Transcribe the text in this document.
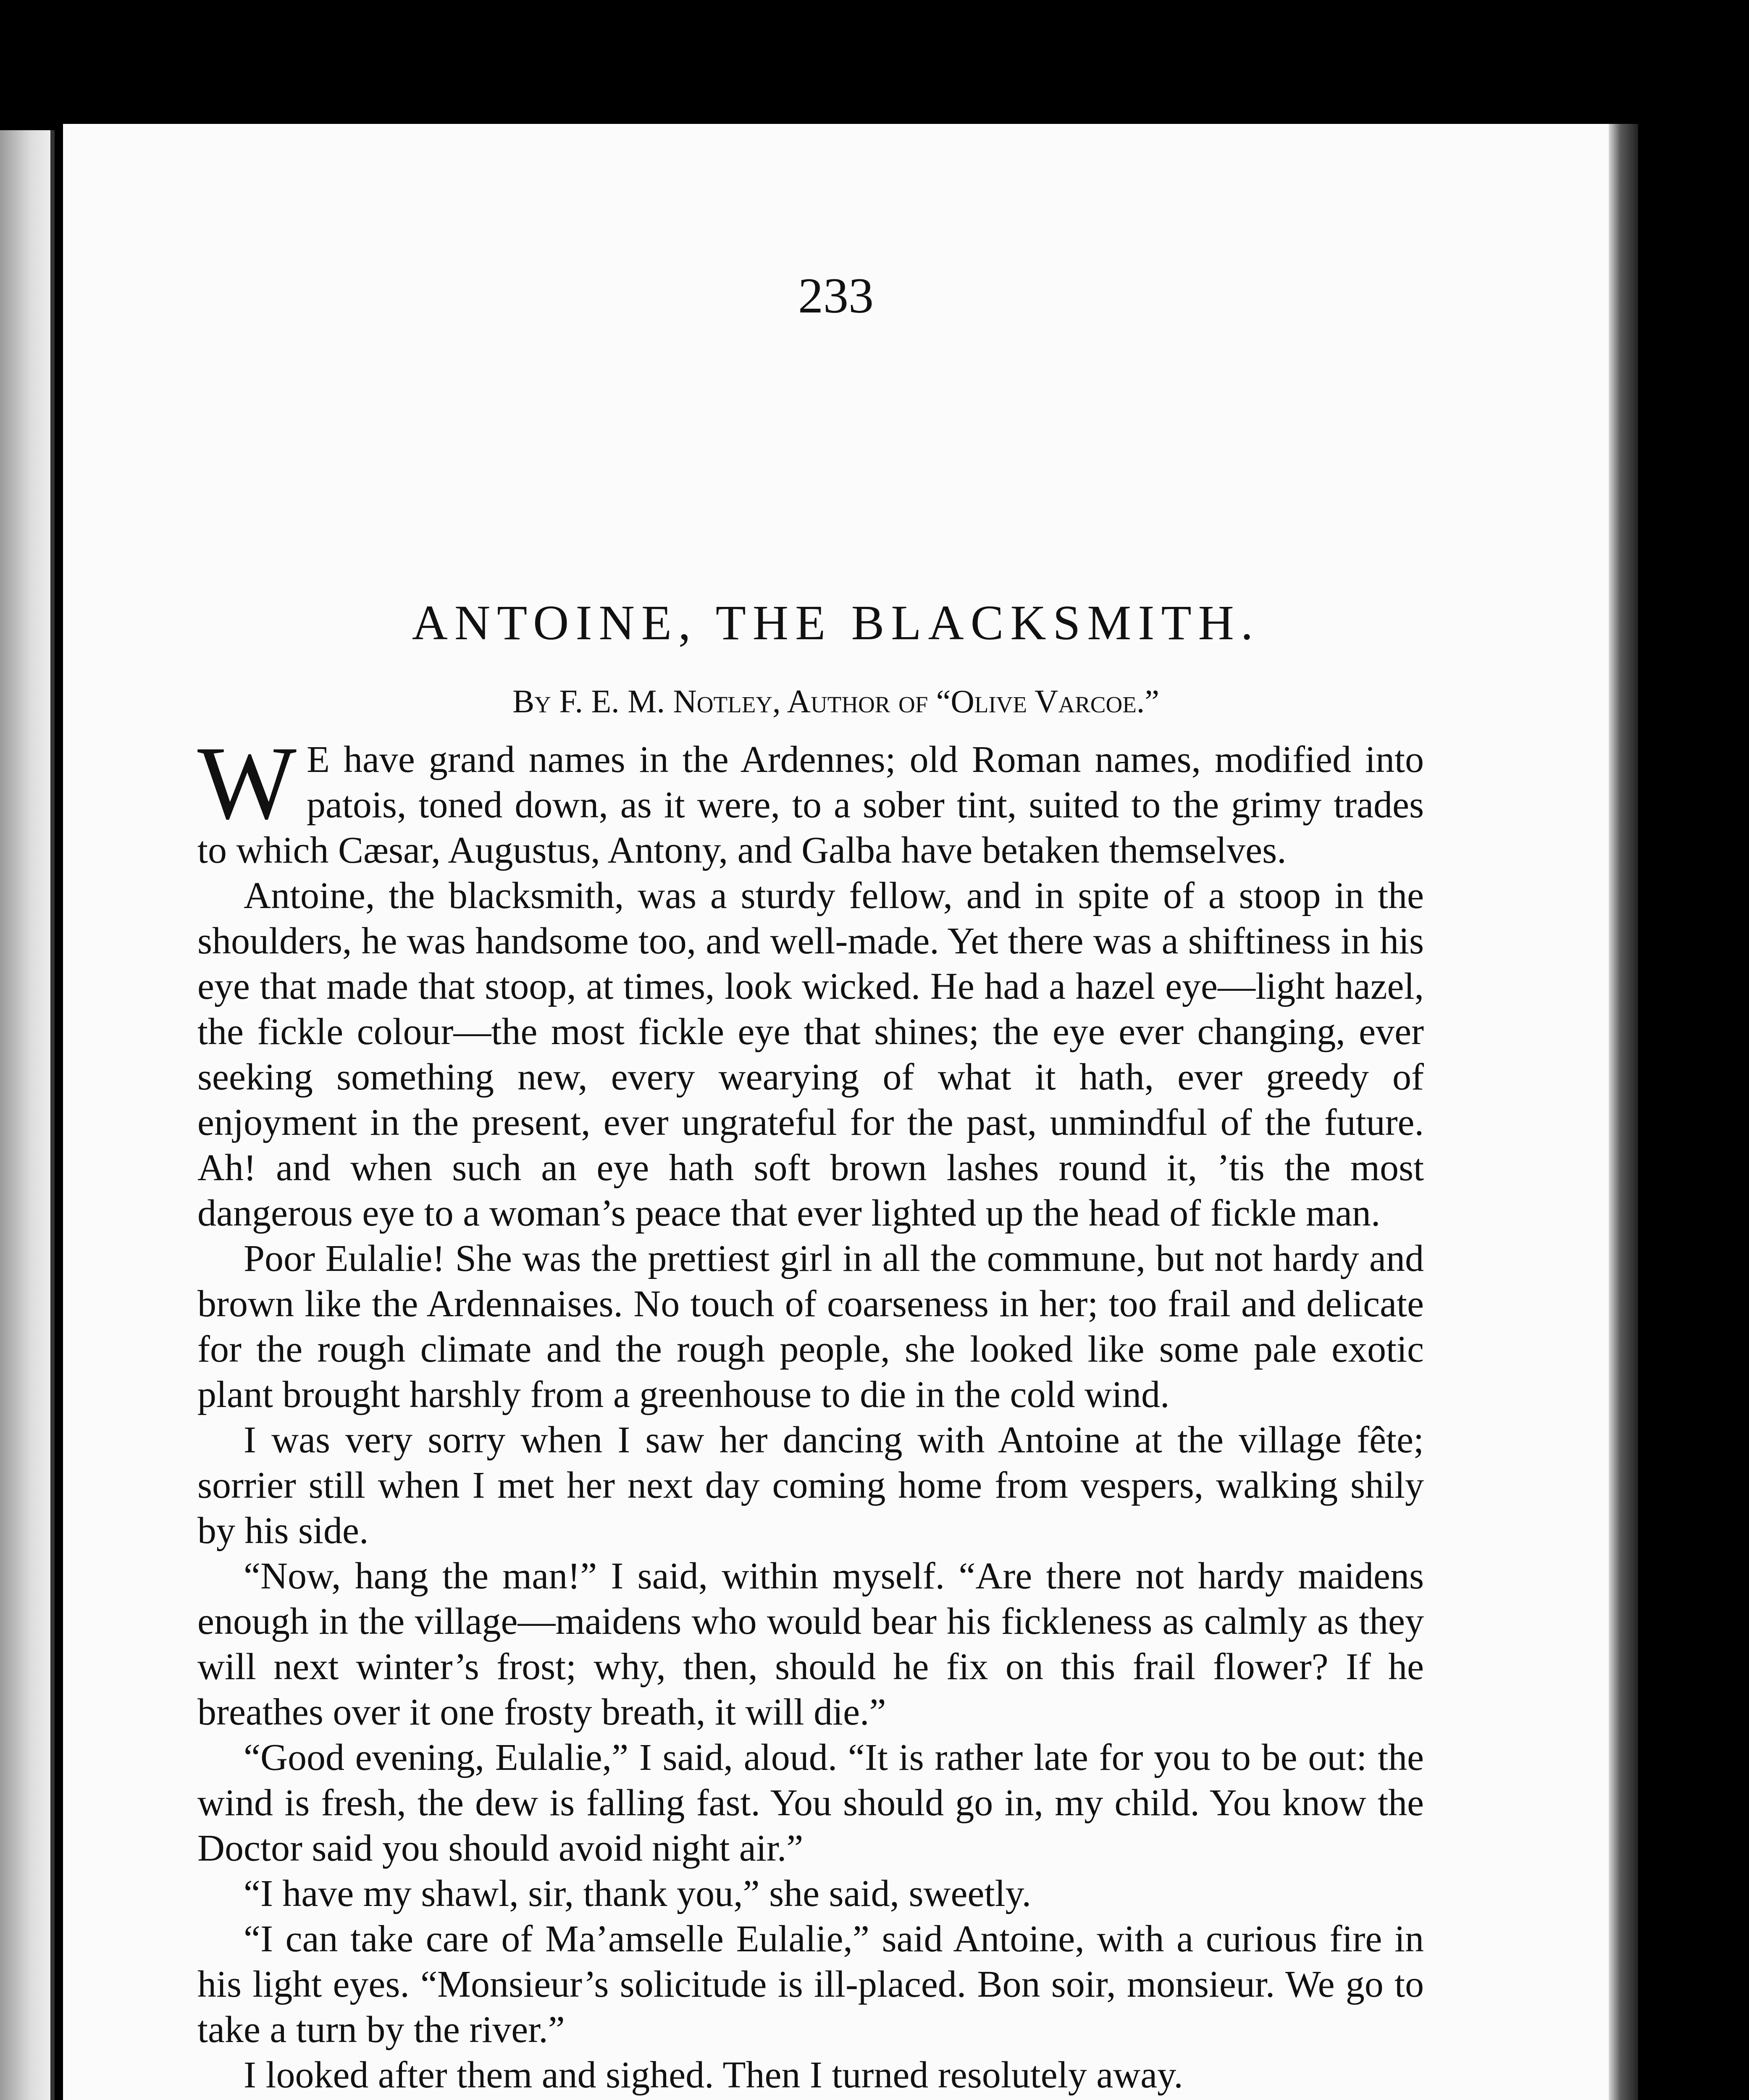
233
ANTOINE, THE BLACKSMITH.
By F. E. M. Notley, Author of “Olive Varcoe.”

W E have grand names in the Ardennes; old Roman names, modified into patois, toned down, as it were, to a sober tint, suited to the grimy trades to which Cæsar, Augustus, Antony, and Galba have betaken themselves.

Antoine, the blacksmith, was a sturdy fellow, and in spite of a stoop in the shoulders, he was handsome too, and well-made. Yet there was a shiftiness in his eye that made that stoop, at times, look wicked. He had a hazel eye—light hazel, the fickle colour—the most fickle eye that shines; the eye ever changing, ever seeking something new, every wearying of what it hath, ever greedy of enjoyment in the present, ever ungrateful for the past, unmindful of the future. Ah! and when such an eye hath soft brown lashes round it, ’tis the most dangerous eye to a woman’s peace that ever lighted up the head of fickle man.

Poor Eulalie! She was the prettiest girl in all the commune, but not hardy and brown like the Ardennaises. No touch of coarseness in her; too frail and delicate for the rough climate and the rough people, she looked like some pale exotic plant brought harshly from a greenhouse to die in the cold wind.

I was very sorry when I saw her dancing with Antoine at the village fête; sorrier still when I met her next day coming home from vespers, walking shily by his side.

“Now, hang the man!” I said, within myself. “Are there not hardy maidens enough in the village—maidens who would bear his fickleness as calmly as they will next winter’s frost; why, then, should he fix on this frail flower? If he breathes over it one frosty breath, it will die.”

“Good evening, Eulalie,” I said, aloud. “It is rather late for you to be out: the wind is fresh, the dew is falling fast. You should go in, my child. You know the Doctor said you should avoid night air.”

“I have my shawl, sir, thank you,” she said, sweetly.

“I can take care of Ma’amselle Eulalie,” said Antoine, with a curious fire in his light eyes. “Monsieur’s solicitude is ill-placed. Bon soir, monsieur. We go to take a turn by the river.”

I looked after them and sighed. Then I turned resolutely away.
